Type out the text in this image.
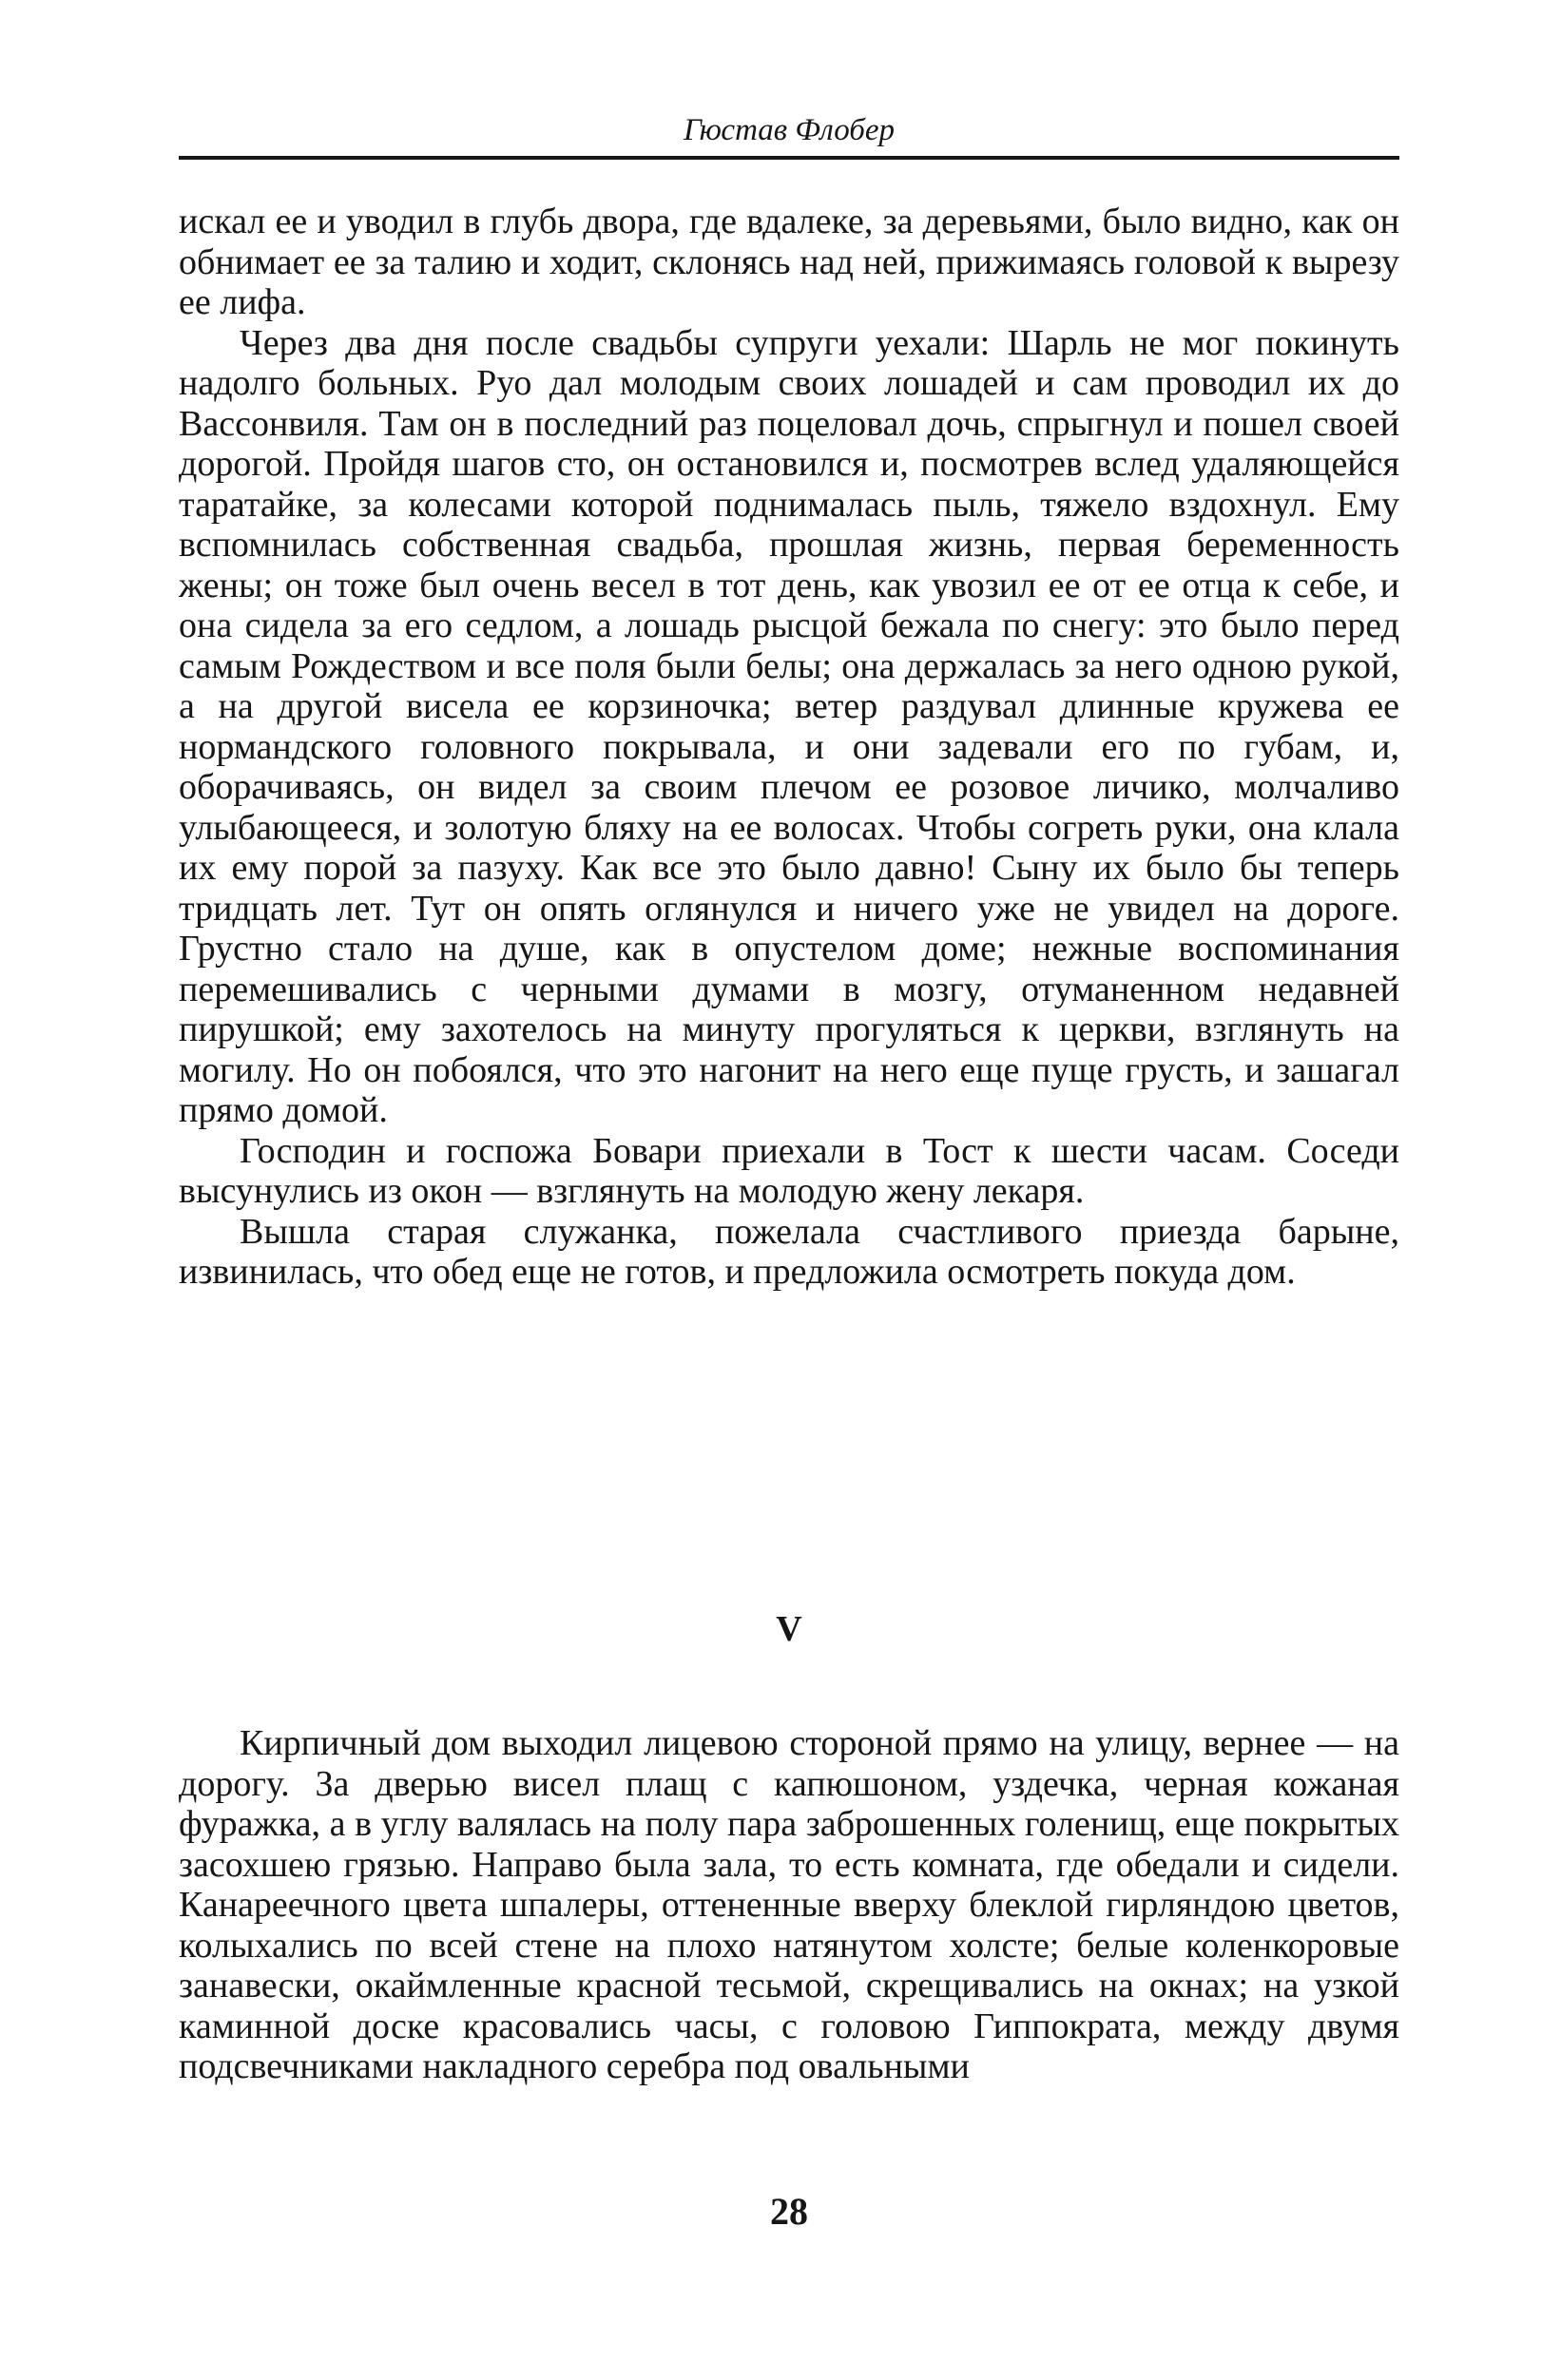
Гюстав Флобер

искал ее и уводил в глубь двора, где вдалеке, за деревьями, было видно, как он обнимает ее за талию и ходит, склонясь над ней, прижимаясь головой к вырезу ее лифа.

Через два дня после свадьбы супруги уехали: Шарль не мог покинуть надолго больных. Руо дал молодым своих лошадей и сам проводил их до Вассонвиля. Там он в последний раз поцеловал дочь, спрыгнул и пошел своей дорогой. Пройдя шагов сто, он остановился и, посмотрев вслед удаляющейся таратайке, за колесами которой поднималась пыль, тяжело вздохнул. Ему вспомнилась собственная свадьба, прошлая жизнь, первая беременность жены; он тоже был очень весел в тот день, как увозил ее от ее отца к себе, и она сидела за его седлом, а лошадь рысцой бежала по снегу: это было перед самым Рождеством и все поля были белы; она держалась за него одною рукой, а на другой висела ее корзиночка; ветер раздувал длинные кружева ее нормандского головного покрывала, и они задевали его по губам, и, оборачиваясь, он видел за своим плечом ее розовое личико, молчаливо улыбающееся, и золотую бляху на ее волосах. Чтобы согреть руки, она клала их ему порой за пазуху. Как все это было давно! Сыну их было бы теперь тридцать лет. Тут он опять оглянулся и ничего уже не увидел на дороге. Грустно стало на душе, как в опустелом доме; нежные воспоминания перемешивались с черными думами в мозгу, отуманенном недавней пирушкой; ему захотелось на минуту прогуляться к церкви, взглянуть на могилу. Но он побоялся, что это нагонит на него еще пуще грусть, и зашагал прямо домой.

Господин и госпожа Бовари приехали в Тост к шести часам. Соседи высунулись из окон — взглянуть на молодую жену лекаря.

Вышла старая служанка, пожелала счастливого приезда барыне, извинилась, что обед еще не готов, и предложила осмотреть покуда дом.

V

Кирпичный дом выходил лицевою стороной прямо на улицу, вернее — на дорогу. За дверью висел плащ с капюшоном, уздечка, черная кожаная фуражка, а в углу валялась на полу пара заброшенных голенищ, еще покрытых засохшею грязью. Направо была зала, то есть комната, где обедали и сидели. Канареечного цвета шпалеры, оттененные вверху блеклой гирляндою цветов, колыхались по всей стене на плохо натянутом холсте; белые коленкоровые занавески, окаймленные красной тесьмой, скрещивались на окнах; на узкой каминной доске красовались часы, с головою Гиппократа, между двумя подсвечниками накладного серебра под овальными

28
